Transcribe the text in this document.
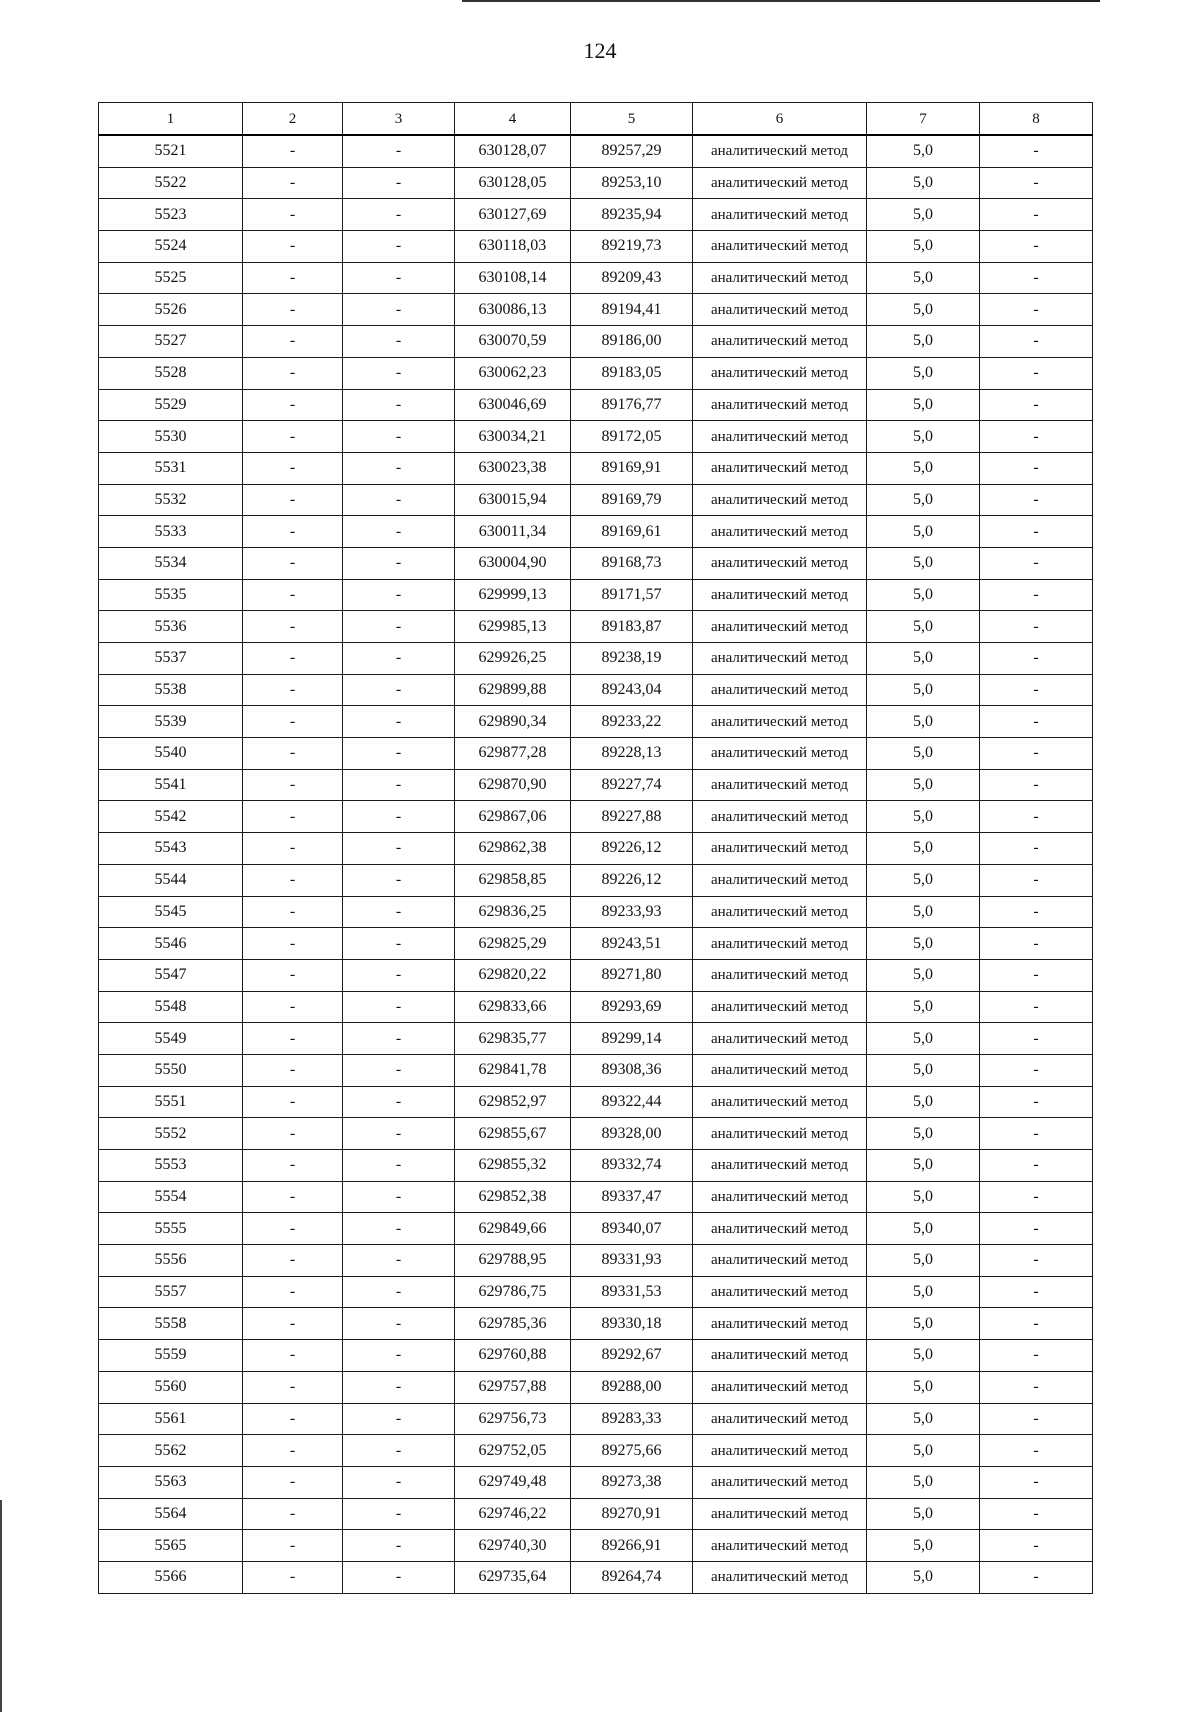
124
1	2	3	4	5	6	7	8
5521	-	-	630128,07	89257,29	аналитический метод	5,0	-
5522	-	-	630128,05	89253,10	аналитический метод	5,0	-
5523	-	-	630127,69	89235,94	аналитический метод	5,0	-
5524	-	-	630118,03	89219,73	аналитический метод	5,0	-
5525	-	-	630108,14	89209,43	аналитический метод	5,0	-
5526	-	-	630086,13	89194,41	аналитический метод	5,0	-
5527	-	-	630070,59	89186,00	аналитический метод	5,0	-
5528	-	-	630062,23	89183,05	аналитический метод	5,0	-
5529	-	-	630046,69	89176,77	аналитический метод	5,0	-
5530	-	-	630034,21	89172,05	аналитический метод	5,0	-
5531	-	-	630023,38	89169,91	аналитический метод	5,0	-
5532	-	-	630015,94	89169,79	аналитический метод	5,0	-
5533	-	-	630011,34	89169,61	аналитический метод	5,0	-
5534	-	-	630004,90	89168,73	аналитический метод	5,0	-
5535	-	-	629999,13	89171,57	аналитический метод	5,0	-
5536	-	-	629985,13	89183,87	аналитический метод	5,0	-
5537	-	-	629926,25	89238,19	аналитический метод	5,0	-
5538	-	-	629899,88	89243,04	аналитический метод	5,0	-
5539	-	-	629890,34	89233,22	аналитический метод	5,0	-
5540	-	-	629877,28	89228,13	аналитический метод	5,0	-
5541	-	-	629870,90	89227,74	аналитический метод	5,0	-
5542	-	-	629867,06	89227,88	аналитический метод	5,0	-
5543	-	-	629862,38	89226,12	аналитический метод	5,0	-
5544	-	-	629858,85	89226,12	аналитический метод	5,0	-
5545	-	-	629836,25	89233,93	аналитический метод	5,0	-
5546	-	-	629825,29	89243,51	аналитический метод	5,0	-
5547	-	-	629820,22	89271,80	аналитический метод	5,0	-
5548	-	-	629833,66	89293,69	аналитический метод	5,0	-
5549	-	-	629835,77	89299,14	аналитический метод	5,0	-
5550	-	-	629841,78	89308,36	аналитический метод	5,0	-
5551	-	-	629852,97	89322,44	аналитический метод	5,0	-
5552	-	-	629855,67	89328,00	аналитический метод	5,0	-
5553	-	-	629855,32	89332,74	аналитический метод	5,0	-
5554	-	-	629852,38	89337,47	аналитический метод	5,0	-
5555	-	-	629849,66	89340,07	аналитический метод	5,0	-
5556	-	-	629788,95	89331,93	аналитический метод	5,0	-
5557	-	-	629786,75	89331,53	аналитический метод	5,0	-
5558	-	-	629785,36	89330,18	аналитический метод	5,0	-
5559	-	-	629760,88	89292,67	аналитический метод	5,0	-
5560	-	-	629757,88	89288,00	аналитический метод	5,0	-
5561	-	-	629756,73	89283,33	аналитический метод	5,0	-
5562	-	-	629752,05	89275,66	аналитический метод	5,0	-
5563	-	-	629749,48	89273,38	аналитический метод	5,0	-
5564	-	-	629746,22	89270,91	аналитический метод	5,0	-
5565	-	-	629740,30	89266,91	аналитический метод	5,0	-
5566	-	-	629735,64	89264,74	аналитический метод	5,0	-
